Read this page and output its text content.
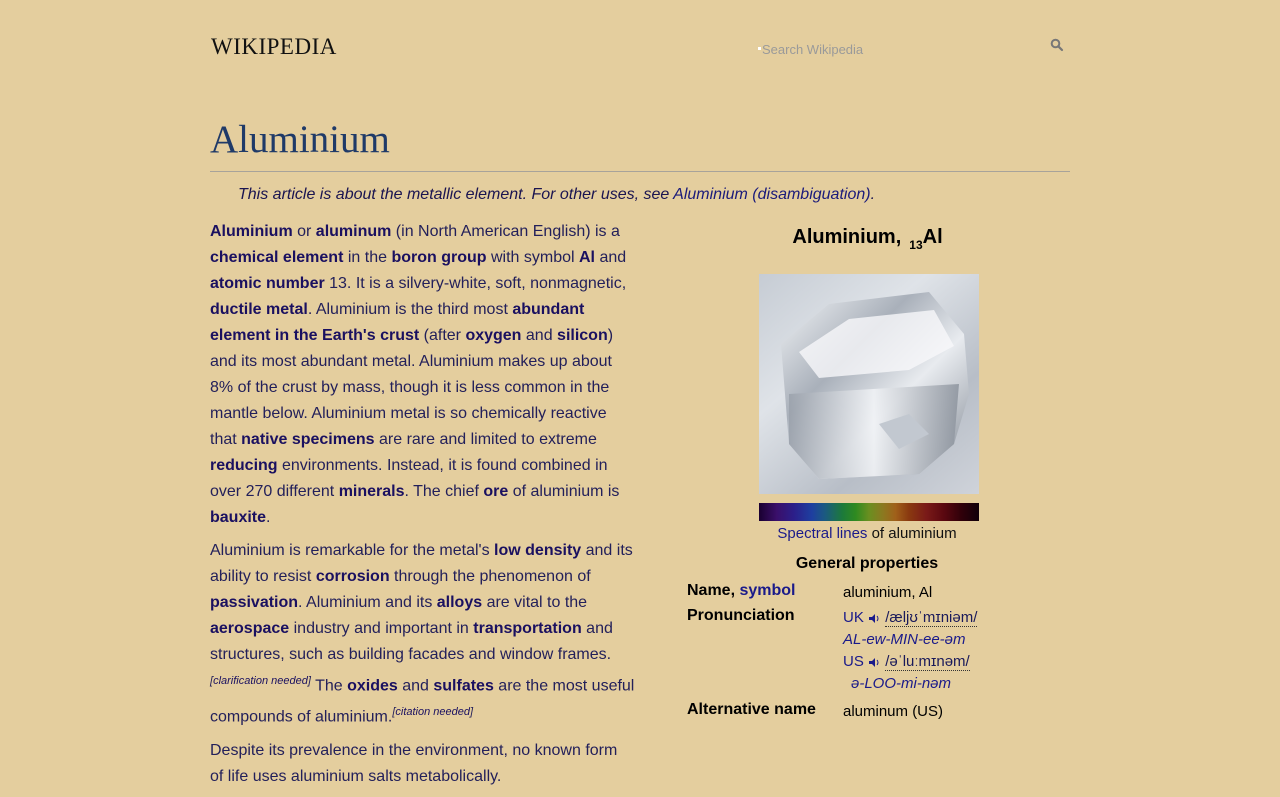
WIKIPEDIA
Search Wikipedia
Aluminium

This article is about the metallic element. For other uses, see Aluminium (disambiguation).

Aluminium or aluminum (in North American English) is a chemical element in the boron group with symbol Al and atomic number 13. It is a silvery-white, soft, nonmagnetic, ductile metal. Aluminium is the third most abundant element in the Earth's crust (after oxygen and silicon) and its most abundant metal. Aluminium makes up about 8% of the crust by mass, though it is less common in the mantle below. Aluminium metal is so chemically reactive that native specimens are rare and limited to extreme reducing environments. Instead, it is found combined in over 270 different minerals. The chief ore of aluminium is bauxite.

Aluminium is remarkable for the metal's low density and its ability to resist corrosion through the phenomenon of passivation. Aluminium and its alloys are vital to the aerospace industry and important in transportation and structures, such as building facades and window frames.[clarification needed] The oxides and sulfates are the most useful compounds of aluminium.[citation needed]

Despite its prevalence in the environment, no known form of life uses aluminium salts metabolically.

Aluminium, $_{13}$Al
Spectral lines of aluminium
General properties
Name, symbol	aluminium, Al
Pronunciation	UK /æljʊˈmɪniəm/
AL-ew-MIN-ee-əm
US /əˈluːmɪnəm/
ə-LOO-mi-nəm
Alternative name	aluminum (US)
